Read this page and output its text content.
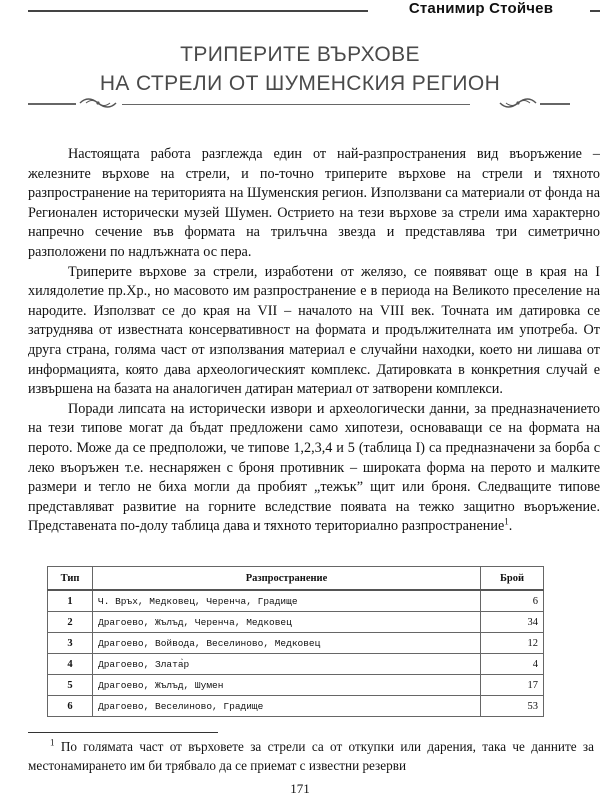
Станимир Стойчев
ТРИПЕРИТЕ ВЪРХОВЕ
НА СТРЕЛИ ОТ ШУМЕНСКИЯ РЕГИОН

Настоящата работа разглежда един от най-разпространения вид въоръжение – железните върхове на стрели, и по-точно триперите върхове на стрели и тяхното разпространение на територията на Шуменския регион. Използвани са материали от фонда на Регионален исторически музей Шумен. Острието на тези върхове за стрели има характерно напречно сечение във формата на трилъчна звезда и представлява три симетрично разположени по надлъжната ос пера.

Триперите върхове за стрели, изработени от желязо, се появяват още в края на I хилядолетие пр.Хр., но масовото им разпространение е в периода на Великото преселение на народите. Използват се до края на VII – началото на VIII век. Точната им датировка се затруднява от известната консервативност на формата и продължителната им употреба. От друга страна, голяма част от използвания материал е случайни находки, което ни лишава от информацията, която дава археологическият комплекс. Датировката в конкретния случай е извършена на базата на аналогичен датиран материал от затворени комплекси.

Поради липсата на исторически извори и археологически данни, за предназначението на тези типове могат да бъдат предложени само хипотези, основаващи се на формата на перото. Може да се предположи, че типове 1,2,3,4 и 5 (таблица I) са предназначени за борба с леко въоръжен т.е. неснаряжен с броня противник – широката форма на перото и малките размери и тегло не биха могли да пробият „тежък” щит или броня. Следващите типове представляват развитие на горните вследствие появата на тежко защитно въоръжение. Представената по-долу таблица дава и тяхното териториално разпространение$^1$.

Тип	Разпространение	Брой
1	Ч. Връх, Медковец, Черенча, Градище	6
2	Драгоево, Жълъд, Черенча, Медковец	34
3	Драгоево, Войвода, Веселиново, Медковец	12
4	Драгоево, Злата̀р	4
5	Драгоево, Жълъд, Шумен	17
6	Драгоево, Веселиново, Градище	53
$^1$ По голямата част от върховете за стрели са от откупки или дарения, така че данните за местонамирането им би трябвало да се приемат с известни резерви
171
